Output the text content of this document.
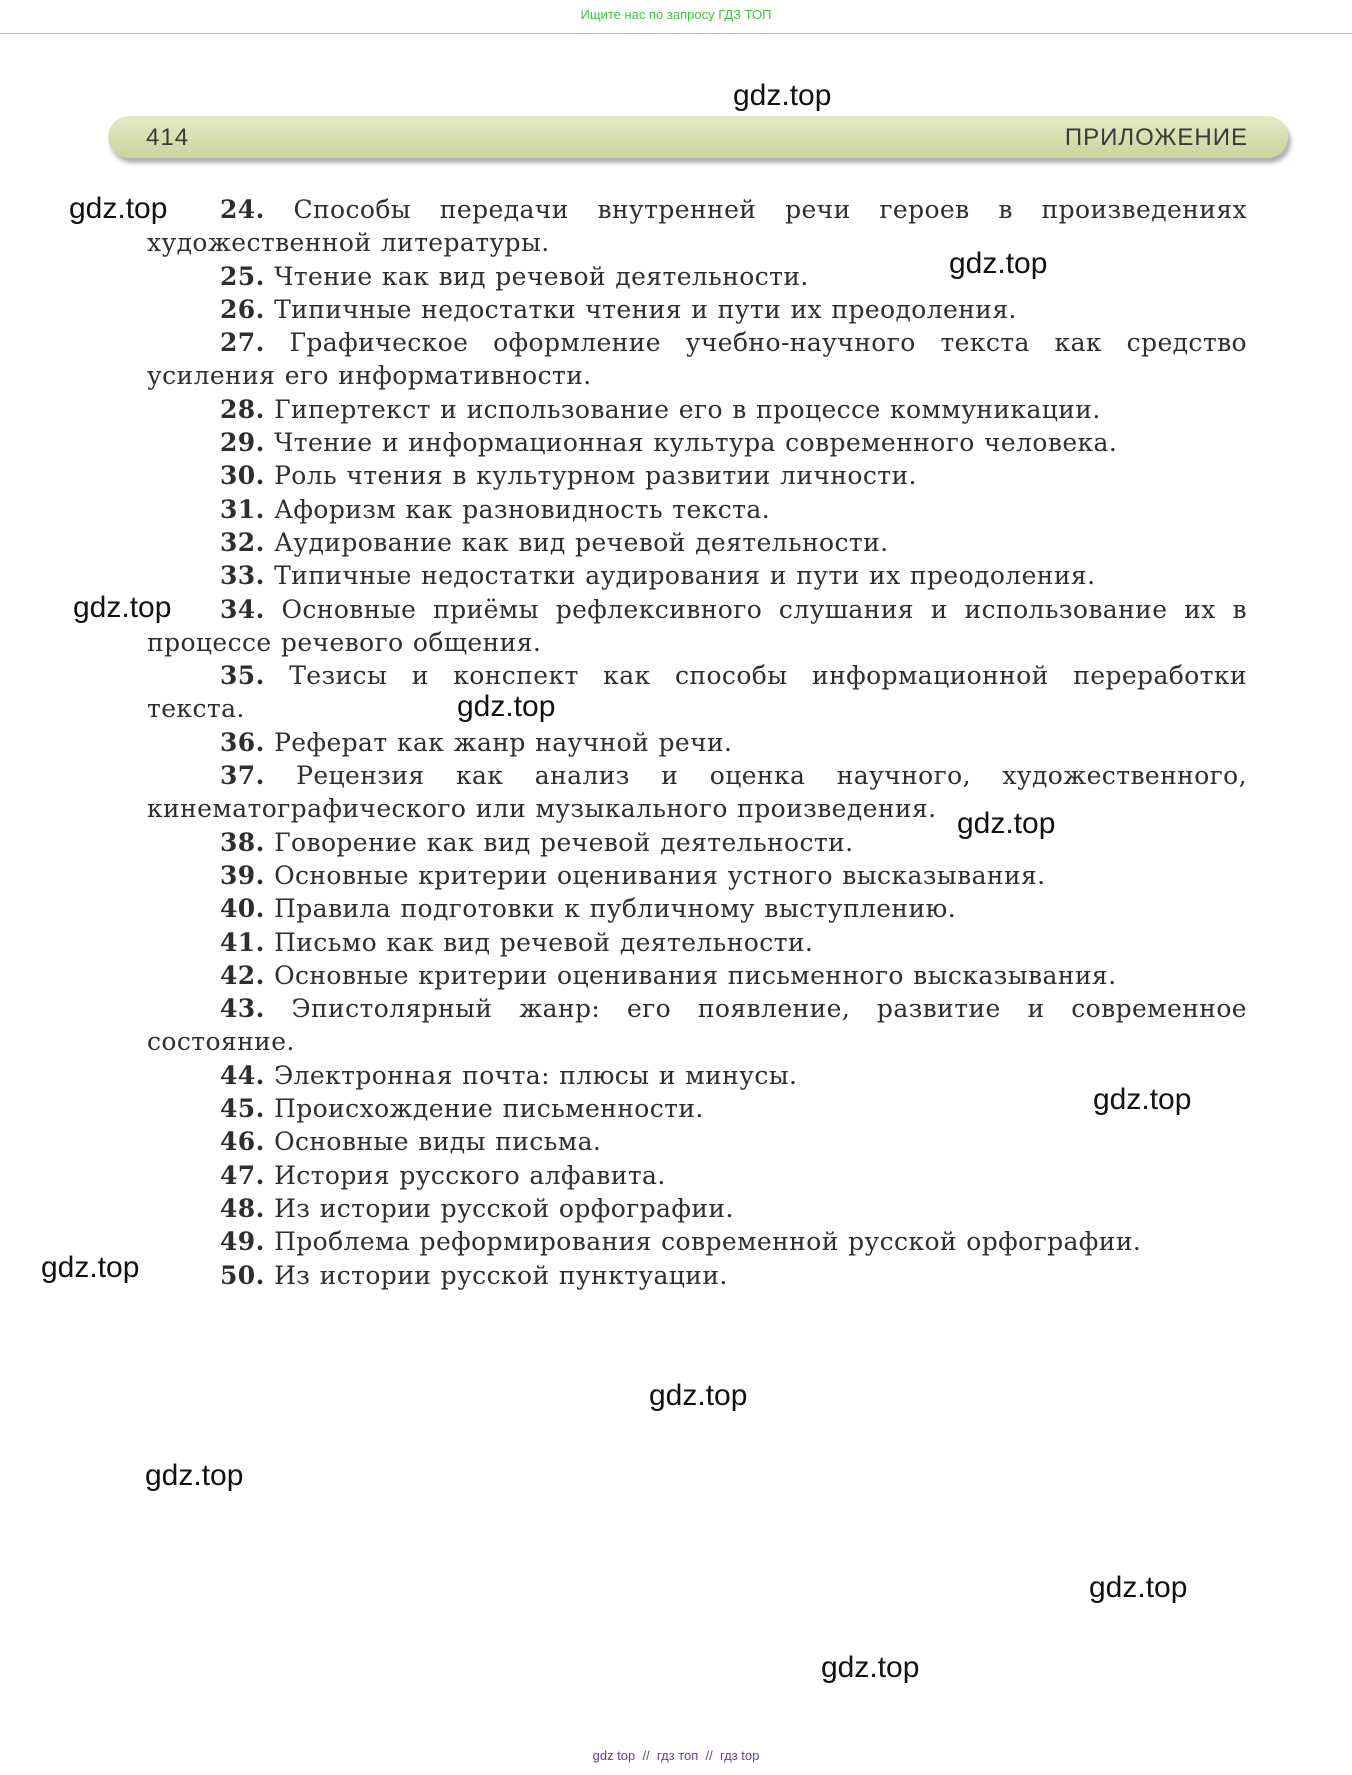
Ищите нас по запросу ГДЗ ТОП
414	ПРИЛОЖЕНИЕ
24. Способы передачи внутренней речи героев в произведениях художественной литературы.
25. Чтение как вид речевой деятельности.
26. Типичные недостатки чтения и пути их преодоления.
27. Графическое оформление учебно-научного текста как средство усиления его информативности.
28. Гипертекст и использование его в процессе коммуникации.
29. Чтение и информационная культура современного человека.
30. Роль чтения в культурном развитии личности.
31. Афоризм как разновидность текста.
32. Аудирование как вид речевой деятельности.
33. Типичные недостатки аудирования и пути их преодоления.
34. Основные приёмы рефлексивного слушания и использование их в процессе речевого общения.
35. Тезисы и конспект как способы информационной переработки текста.
36. Реферат как жанр научной речи.
37. Рецензия как анализ и оценка научного, художественного, кинематографического или музыкального произведения.
38. Говорение как вид речевой деятельности.
39. Основные критерии оценивания устного высказывания.
40. Правила подготовки к публичному выступлению.
41. Письмо как вид речевой деятельности.
42. Основные критерии оценивания письменного высказывания.
43. Эпистолярный жанр: его появление, развитие и современное состояние.
44. Электронная почта: плюсы и минусы.
45. Происхождение письменности.
46. Основные виды письма.
47. История русского алфавита.
48. Из истории русской орфографии.
49. Проблема реформирования современной русской орфографии.
50. Из истории русской пунктуации.
gdz.top
gdz.top
gdz.top
gdz.top
gdz.top
gdz.top
gdz.top
gdz.top
gdz.top
gdz.top
gdz.top
gdz.top
gdz top  //  гдз топ  //  гдз top
